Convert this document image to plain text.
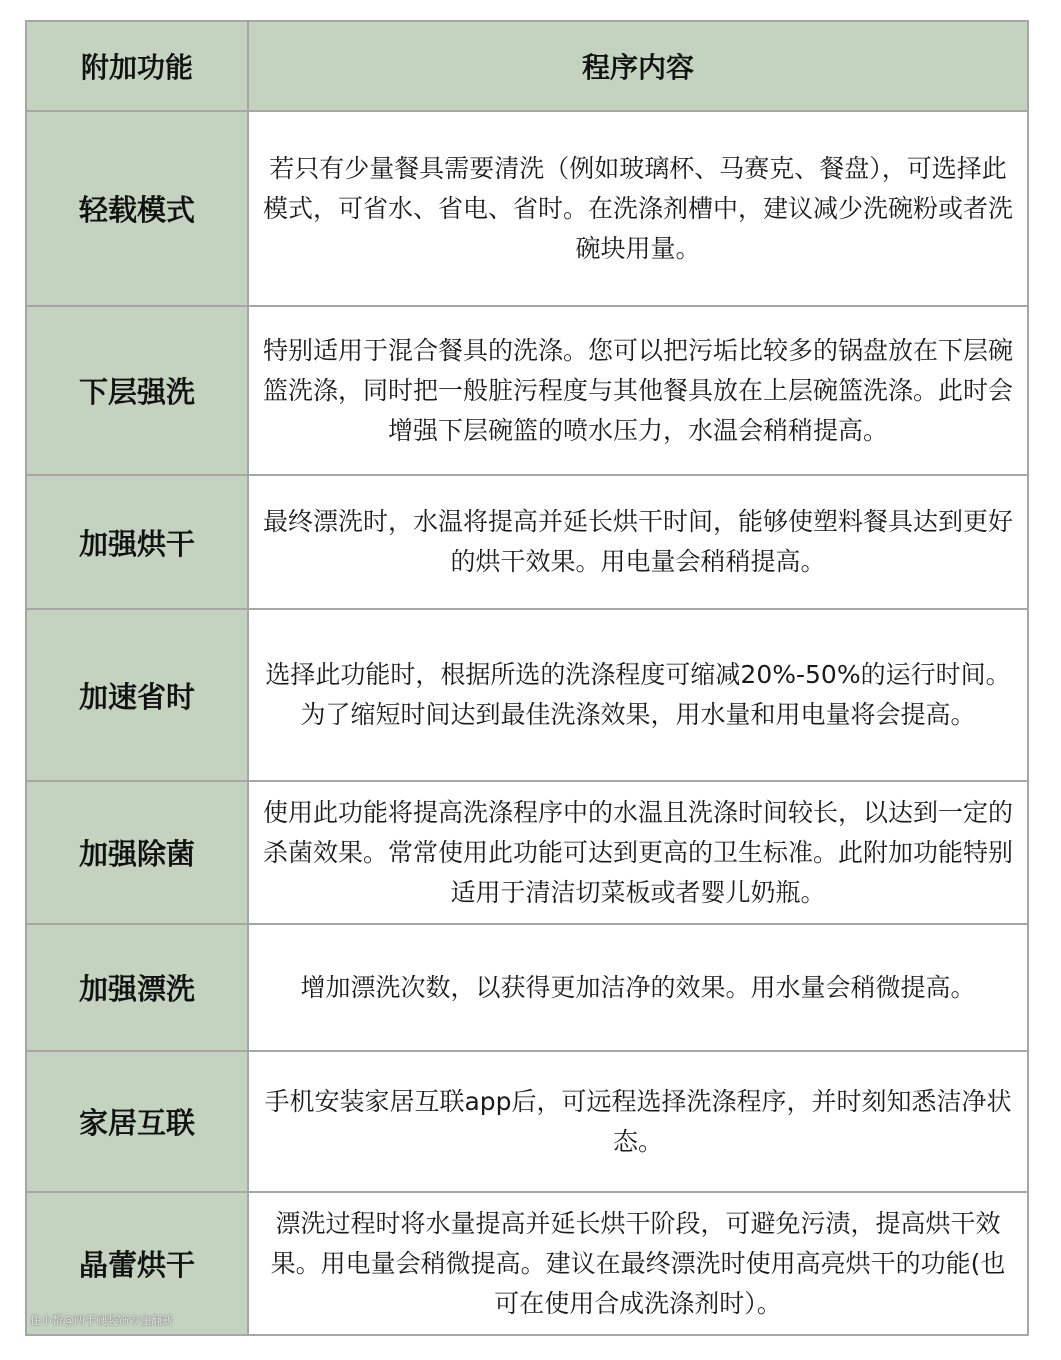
附加功能	程序内容
轻载模式	若只有少量餐具需要清洗（例如玻璃杯、马赛克、餐盘），可选择此模式，可省水、省电、省时。在洗涤剂槽中，建议减少洗碗粉或者洗碗块用量。
下层强洗	特别适用于混合餐具的洗涤。您可以把污垢比较多的锅盘放在下层碗篮洗涤，同时把一般脏污程度与其他餐具放在上层碗篮洗涤。此时会增强下层碗篮的喷水压力，水温会稍稍提高。
加强烘干	最终漂洗时，水温将提高并延长烘干时间，能够使塑料餐具达到更好的烘干效果。用电量会稍稍提高。
加速省时	选择此功能时，根据所选的洗涤程度可缩减20%-50%的运行时间。为了缩短时间达到最佳洗涤效果，用水量和用电量将会提高。
加强除菌	使用此功能将提高洗涤程序中的水温且洗涤时间较长，以达到一定的杀菌效果。常常使用此功能可达到更高的卫生标准。此附加功能特别适用于清洁切菜板或者婴儿奶瓶。
加强漂洗	增加漂洗次数，以获得更加洁净的效果。用水量会稍微提高。
家居互联	手机安装家居互联app后，可远程选择洗涤程序，并时刻知悉洁净状态。
晶蕾烘干	漂洗过程时将水量提高并延长烘干阶段，可避免污渍，提高烘干效果。用电量会稍微提高。建议在最终漂洗时使用高亮烘干的功能(也可在使用合成洗涤剂时）。
住小帮@两手硬装饰专注翻新
